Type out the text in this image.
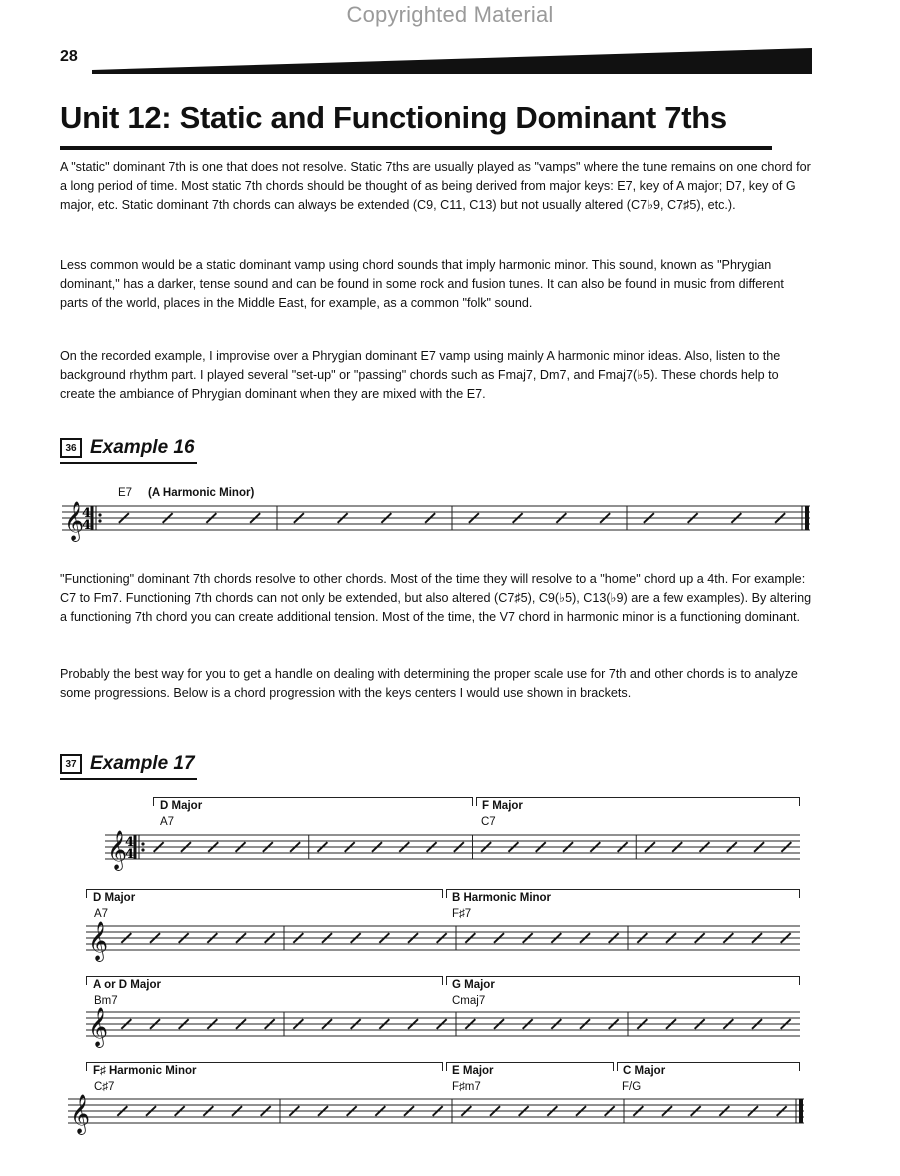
Copyrighted Material
28
Unit 12: Static and Functioning Dominant 7ths

A "static" dominant 7th is one that does not resolve. Static 7ths are usually played as "vamps" where the tune remains on one chord for a long period of time. Most static 7th chords should be thought of as being derived from major keys: E7, key of A major; D7, key of G major, etc. Static dominant 7th chords can always be extended (C9, C11, C13) but not usually altered (C7♭9, C7♯5), etc.).

Less common would be a static dominant vamp using chord sounds that imply harmonic minor. This sound, known as "Phrygian dominant," has a darker, tense sound and can be found in some rock and fusion tunes. It can also be found in music from different parts of the world, places in the Middle East, for example, as a common "folk" sound.

On the recorded example, I improvise over a Phrygian dominant E7 vamp using mainly A harmonic minor ideas. Also, listen to the background rhythm part. I played several "set-up" or "passing" chords such as Fmaj7, Dm7, and Fmaj7(♭5). These chords help to create the ambiance of Phrygian dominant when they are mixed with the E7.

36 Example 16
E7 (A Harmonic Minor)
𝄞
4
4

"Functioning" dominant 7th chords resolve to other chords. Most of the time they will resolve to a "home" chord up a 4th. For example: C7 to Fm7. Functioning 7th chords can not only be extended, but also altered (C7♯5), C9(♭5), C13(♭9) are a few examples). By altering a functioning 7th chord you can create additional tension. Most of the time, the V7 chord in harmonic minor is a functioning dominant.

Probably the best way for you to get a handle on dealing with determining the proper scale use for 7th and other chords is to analyze some progressions. Below is a chord progression with the keys centers I would use shown in brackets.

37 Example 17
D Major	F Major
A7	C7
𝄞
4
4
D Major	B Harmonic Minor
A7	F♯7
𝄞
A or D Major	G Major
Bm7	Cmaj7
𝄞
F♯ Harmonic Minor	E Major	C Major
C♯7	F♯m7	F/G
𝄞
